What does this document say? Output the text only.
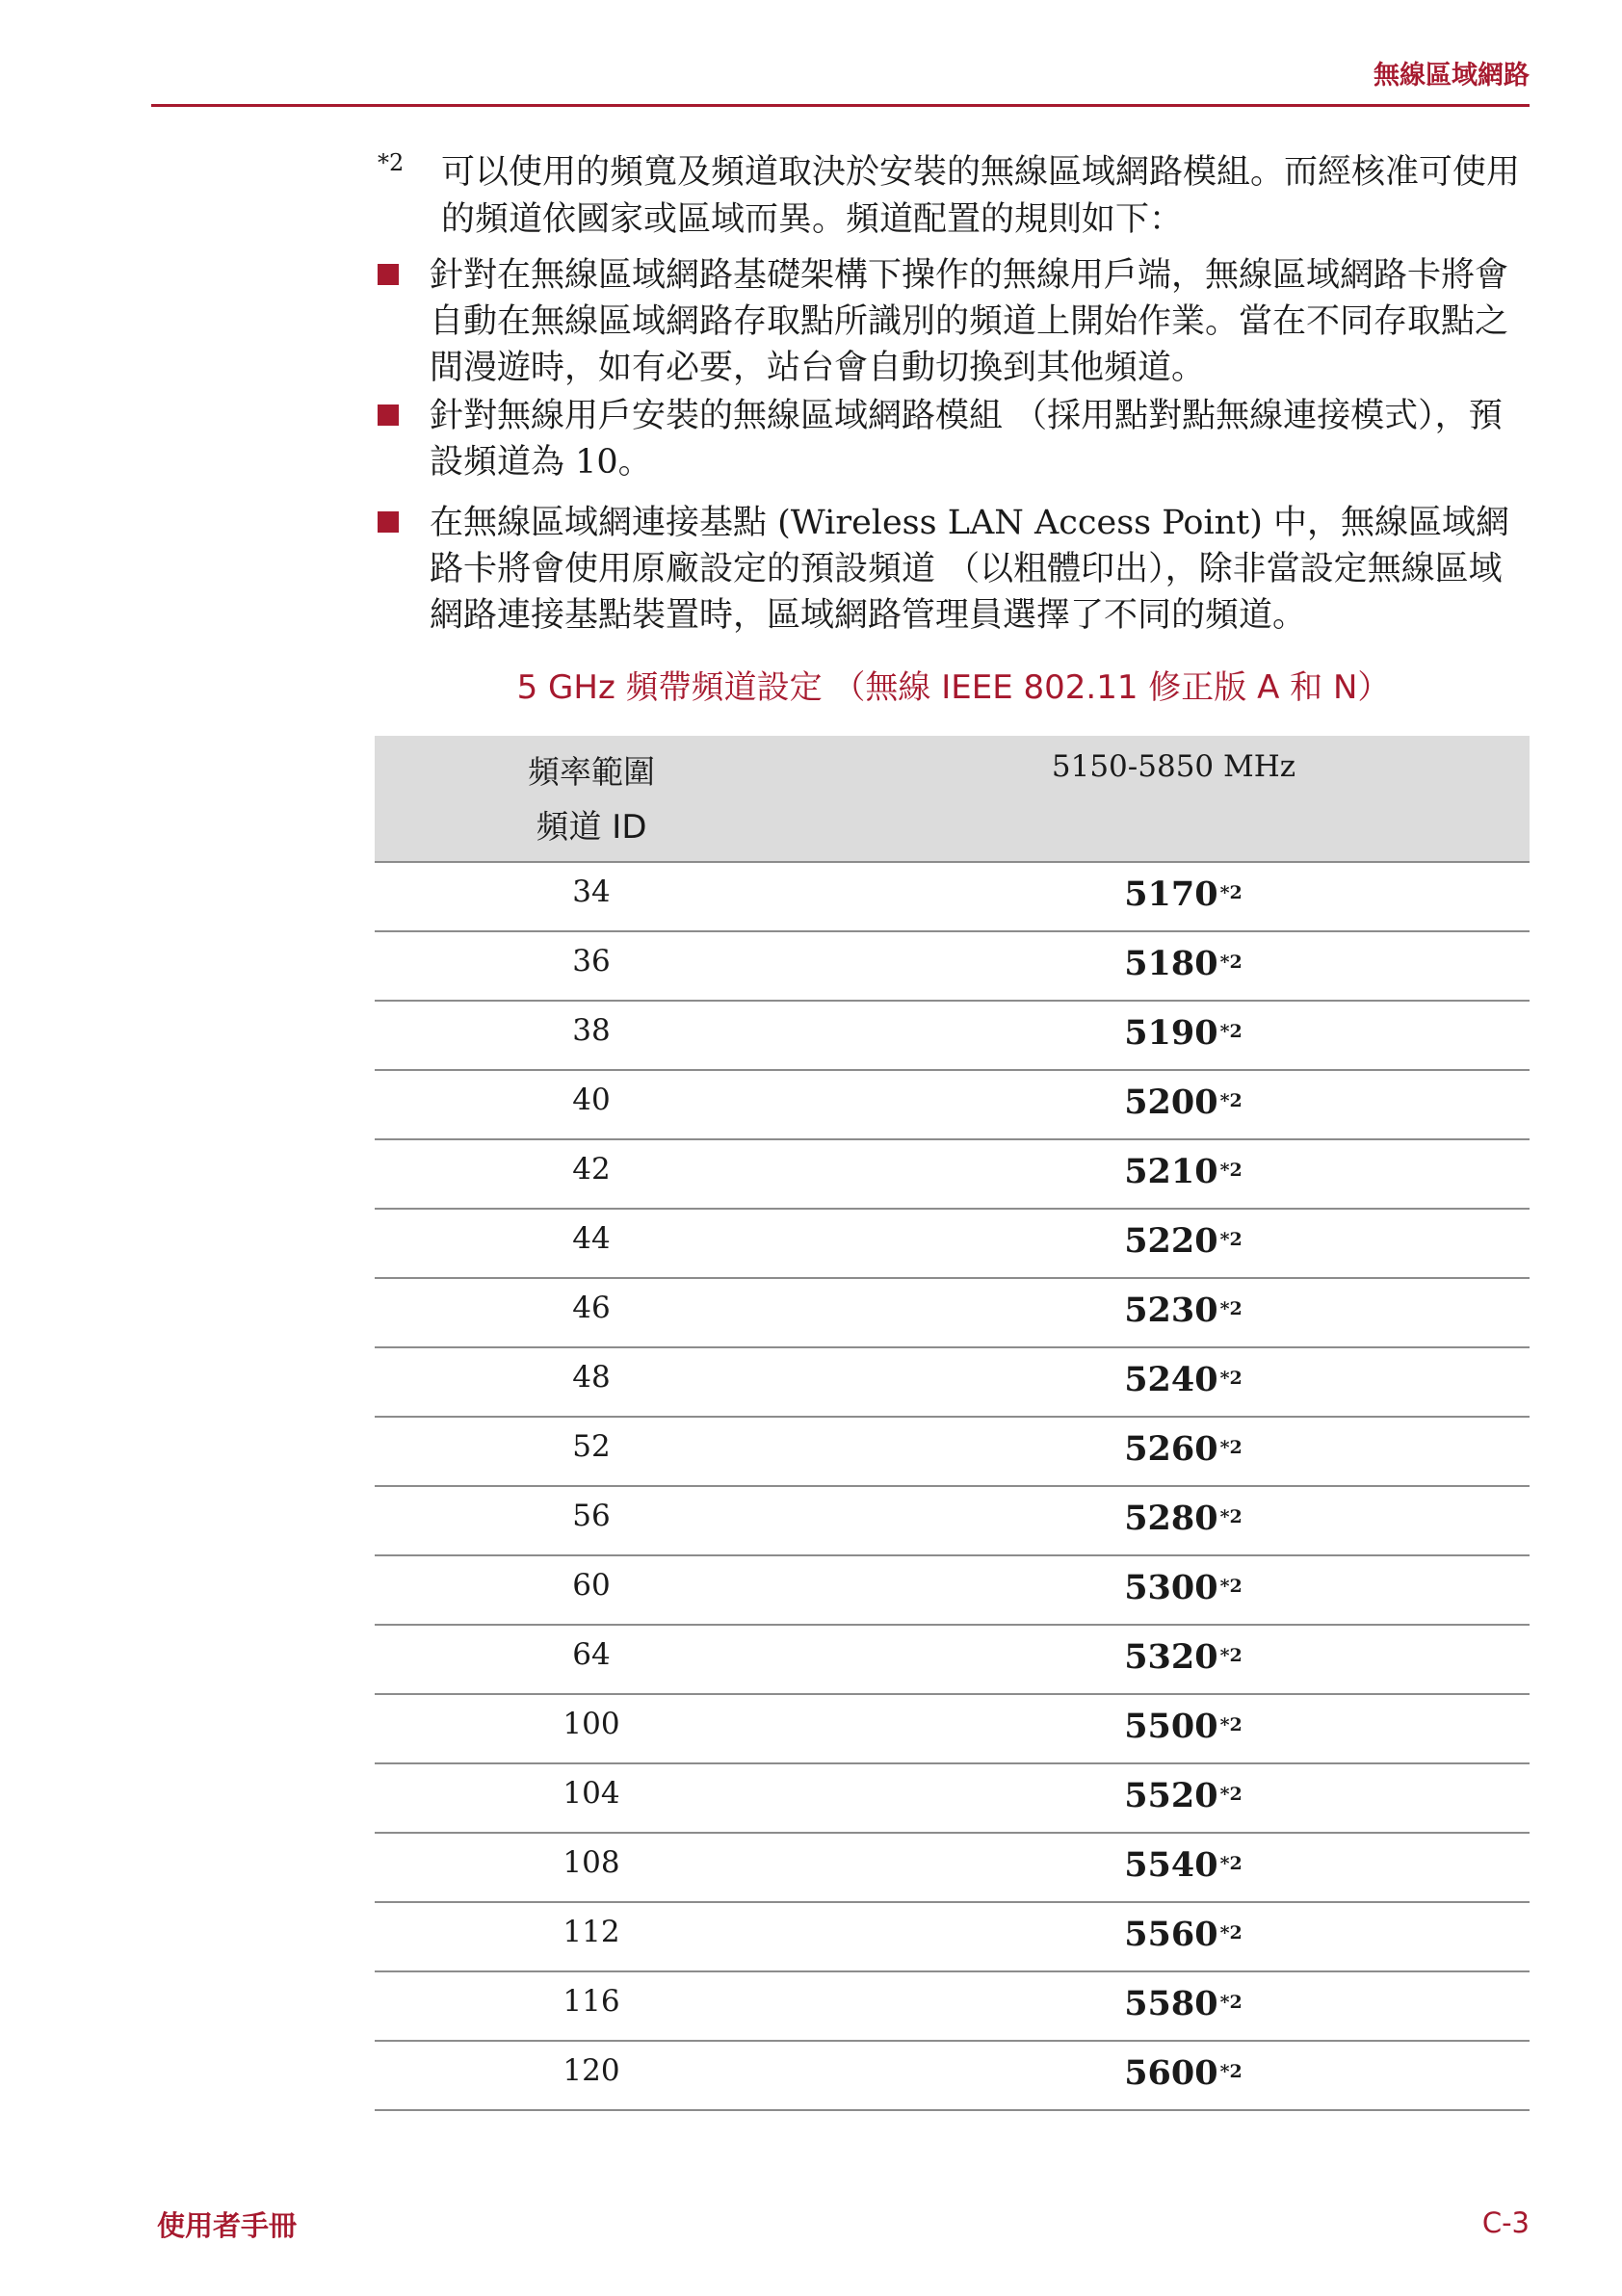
無線區域網路
*2 可以使用的頻寬及頻道取決於安裝的無線區域網路模組。而經核准可使用的頻道依國家或區域而異。頻道配置的規則如下：
針對在無線區域網路基礎架構下操作的無線用戶端，無線區域網路卡將會自動在無線區域網路存取點所識別的頻道上開始作業。當在不同存取點之間漫遊時，如有必要，站台會自動切換到其他頻道。
針對無線用戶安裝的無線區域網路模組 （採用點對點無線連接模式），預設頻道為 10。
在無線區域網連接基點 (Wireless LAN Access Point) 中，無線區域網路卡將會使用原廠設定的預設頻道 （以粗體印出），除非當設定無線區域網路連接基點裝置時，區域網路管理員選擇了不同的頻道。
5 GHz 頻帶頻道設定 （無線 IEEE 802.11 修正版 A 和 N）
頻率範圍
頻道 ID	5150-5850 MHz

34	5170 *2
36	5180 *2
38	5190 *2
40	5200 *2
42	5210 *2
44	5220 *2
46	5230 *2
48	5240 *2
52	5260 *2
56	5280 *2
60	5300 *2
64	5320 *2
100	5500 *2
104	5520 *2
108	5540 *2
112	5560 *2
116	5580 *2
120	5600 *2
使用者手冊	C-3
